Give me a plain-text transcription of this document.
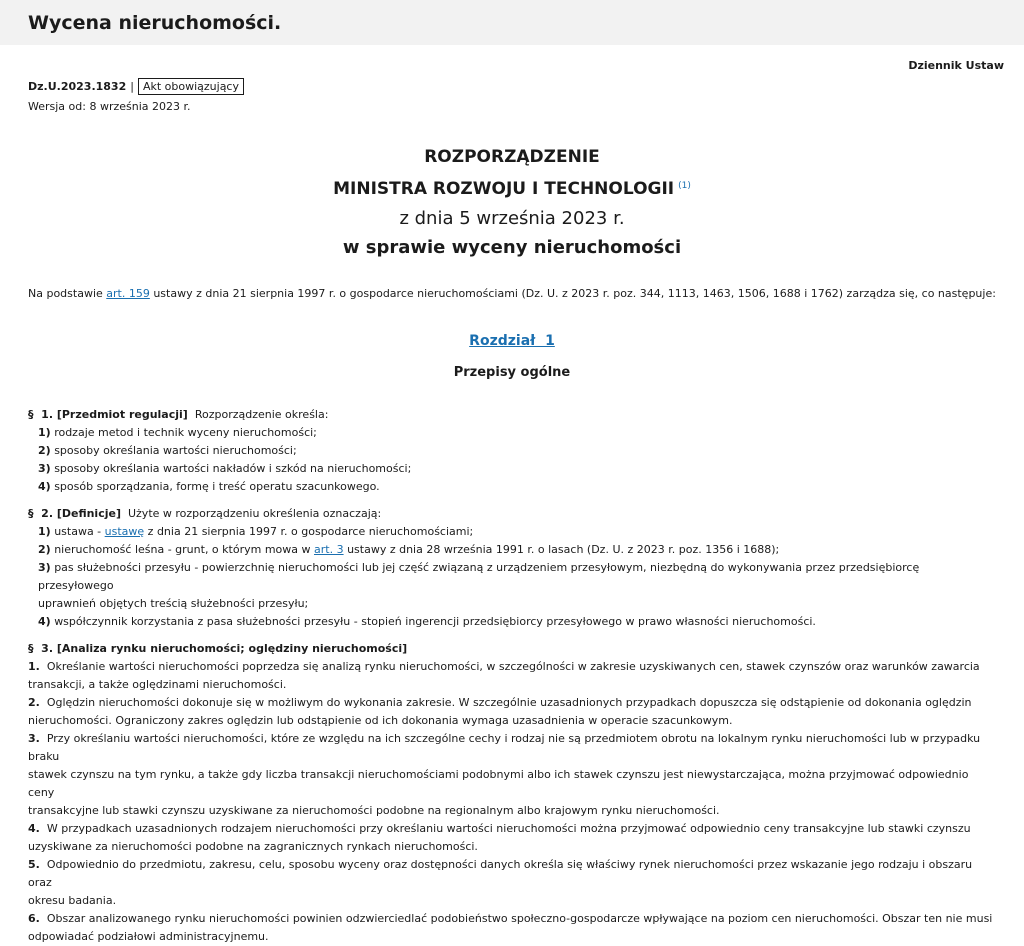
Wycena nieruchomości.
Dziennik Ustaw
Dz.U.2023.1832 | Akt obowiązujący
Wersja od: 8 września 2023 r.
ROZPORZĄDZENIE
MINISTRA ROZWOJU I TECHNOLOGII $^{(1)}$
z dnia 5 września 2023 r.
w sprawie wyceny nieruchomości
Na podstawie art. 159 ustawy z dnia 21 sierpnia 1997 r. o gospodarce nieruchomościami (Dz. U. z 2023 r. poz. 344, 1113, 1463, 1506, 1688 i 1762) zarządza się, co następuje:
Rozdział  1
Przepisy ogólne
§  1. [Przedmiot regulacji] Rozporządzenie określa:
1) rodzaje metod i technik wyceny nieruchomości;
2) sposoby określania wartości nieruchomości;
3) sposoby określania wartości nakładów i szkód na nieruchomości;
4) sposób sporządzania, formę i treść operatu szacunkowego.
§  2. [Definicje] Użyte w rozporządzeniu określenia oznaczają:
1) ustawa - ustawę z dnia 21 sierpnia 1997 r. o gospodarce nieruchomościami;
2) nieruchomość leśna - grunt, o którym mowa w art. 3 ustawy z dnia 28 września 1991 r. o lasach (Dz. U. z 2023 r. poz. 1356 i 1688);
3) pas służebności przesyłu - powierzchnię nieruchomości lub jej część związaną z urządzeniem przesyłowym, niezbędną do wykonywania przez przedsiębiorcę przesyłowego
uprawnień objętych treścią służebności przesyłu;
4) współczynnik korzystania z pasa służebności przesyłu - stopień ingerencji przedsiębiorcy przesyłowego w prawo własności nieruchomości.
§  3. [Analiza rynku nieruchomości; oględziny nieruchomości]
1. Określanie wartości nieruchomości poprzedza się analizą rynku nieruchomości, w szczególności w zakresie uzyskiwanych cen, stawek czynszów oraz warunków zawarcia
transakcji, a także oględzinami nieruchomości.
2. Oględzin nieruchomości dokonuje się w możliwym do wykonania zakresie. W szczególnie uzasadnionych przypadkach dopuszcza się odstąpienie od dokonania oględzin
nieruchomości. Ograniczony zakres oględzin lub odstąpienie od ich dokonania wymaga uzasadnienia w operacie szacunkowym.
3. Przy określaniu wartości nieruchomości, które ze względu na ich szczególne cechy i rodzaj nie są przedmiotem obrotu na lokalnym rynku nieruchomości lub w przypadku braku
stawek czynszu na tym rynku, a także gdy liczba transakcji nieruchomościami podobnymi albo ich stawek czynszu jest niewystarczająca, można przyjmować odpowiednio ceny
transakcyjne lub stawki czynszu uzyskiwane za nieruchomości podobne na regionalnym albo krajowym rynku nieruchomości.
4. W przypadkach uzasadnionych rodzajem nieruchomości przy określaniu wartości nieruchomości można przyjmować odpowiednio ceny transakcyjne lub stawki czynszu
uzyskiwane za nieruchomości podobne na zagranicznych rynkach nieruchomości.
5. Odpowiednio do przedmiotu, zakresu, celu, sposobu wyceny oraz dostępności danych określa się właściwy rynek nieruchomości przez wskazanie jego rodzaju i obszaru oraz
okresu badania.
6. Obszar analizowanego rynku nieruchomości powinien odzwierciedlać podobieństwo społeczno-gospodarcze wpływające na poziom cen nieruchomości. Obszar ten nie musi
odpowiadać podziałowi administracyjnemu.
